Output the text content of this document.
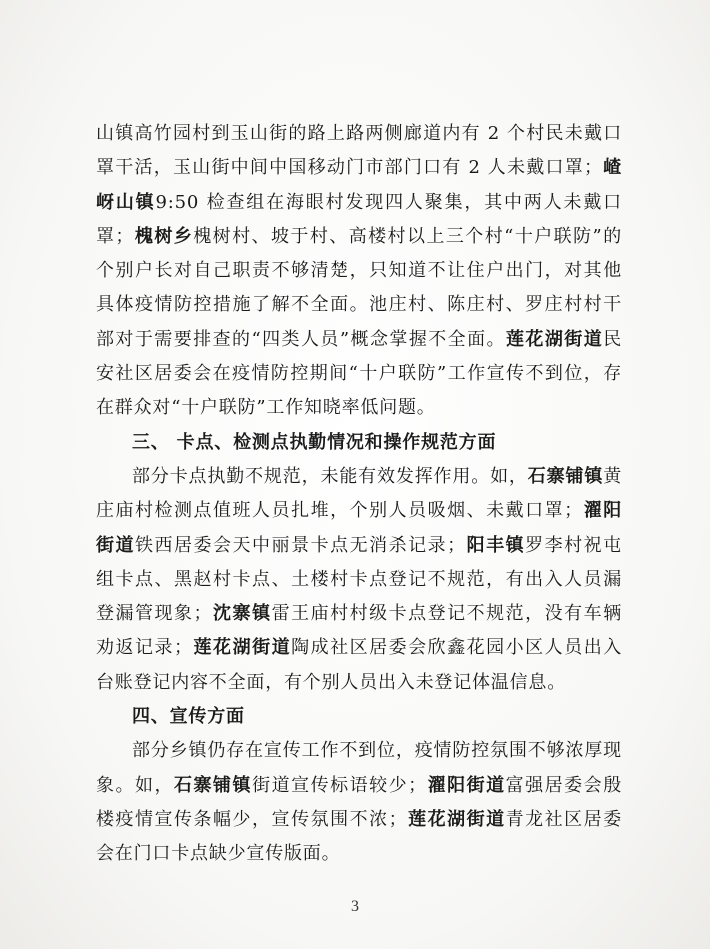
山镇高竹园村到玉山街的路上路两侧廊道内有 2 个村民未戴口罩干活，玉山街中间中国移动门市部门口有 2 人未戴口罩；嵖岈山镇9:50 检查组在海眼村发现四人聚集，其中两人未戴口罩；槐树乡槐树村、坡于村、高楼村以上三个村“十户联防”的个别户长对自己职责不够清楚，只知道不让住户出门，对其他具体疫情防控措施了解不全面。池庄村、陈庄村、罗庄村村干部对于需要排查的“四类人员”概念掌握不全面。莲花湖街道民安社区居委会在疫情防控期间“十户联防”工作宣传不到位，存在群众对“十户联防”工作知晓率低问题。

三、 卡点、检测点执勤情况和操作规范方面

部分卡点执勤不规范，未能有效发挥作用。如，石寨铺镇黄庄庙村检测点值班人员扎堆，个别人员吸烟、未戴口罩；濯阳街道铁西居委会天中丽景卡点无消杀记录；阳丰镇罗李村祝屯组卡点、黑赵村卡点、土楼村卡点登记不规范，有出入人员漏登漏管现象；沈寨镇雷王庙村村级卡点登记不规范，没有车辆劝返记录；莲花湖街道陶成社区居委会欣鑫花园小区人员出入台账登记内容不全面，有个别人员出入未登记体温信息。

四、宣传方面

部分乡镇仍存在宣传工作不到位，疫情防控氛围不够浓厚现象。如，石寨铺镇街道宣传标语较少；濯阳街道富强居委会殷楼疫情宣传条幅少，宣传氛围不浓；莲花湖街道青龙社区居委会在门口卡点缺少宣传版面。

3
